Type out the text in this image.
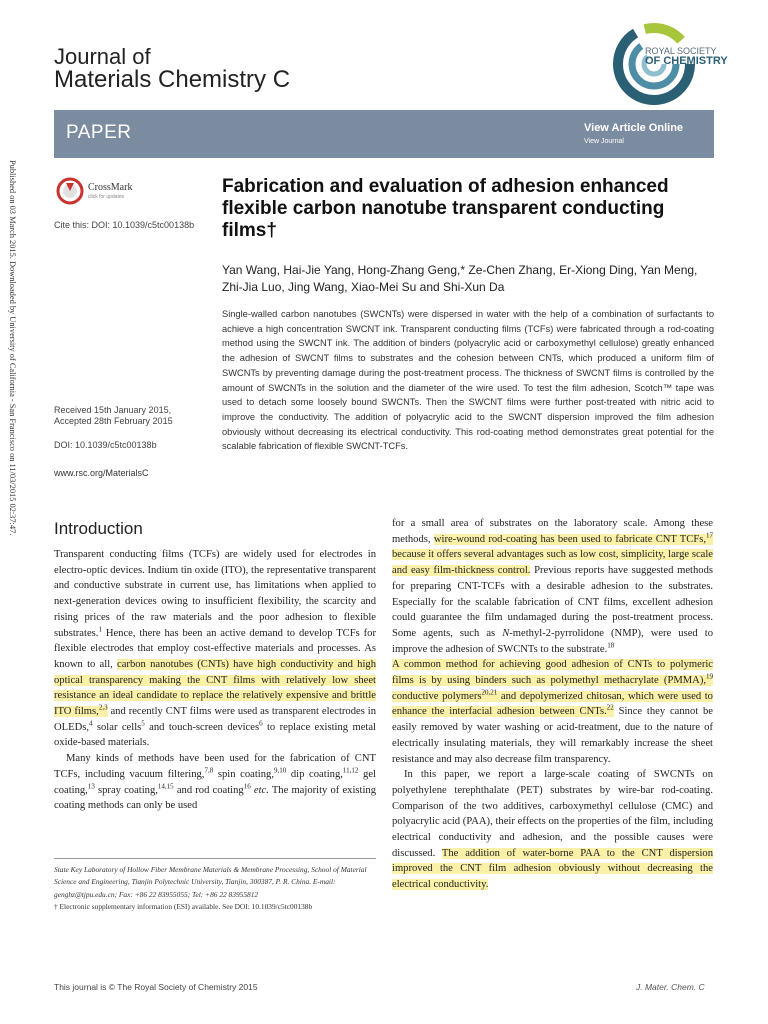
Journal of
Materials Chemistry C
ROYAL SOCIETY
OF CHEMISTRY
PAPER	View Article Online
View Journal
Published on 03 March 2015. Downloaded by University of California - San Francisco on 11/03/2015 02:37:47.	CrossMark
click for updates
Cite this: DOI: 10.1039/c5tc00138b
Fabrication and evaluation of adhesion enhanced flexible carbon nanotube transparent conducting films†
Yan Wang, Hai-Jie Yang, Hong-Zhang Geng,* Ze-Chen Zhang, Er-Xiong Ding, Yan Meng, Zhi-Jia Luo, Jing Wang, Xiao-Mei Su and Shi-Xun Da
Single-walled carbon nanotubes (SWCNTs) were dispersed in water with the help of a combination of surfactants to achieve a high concentration SWCNT ink. Transparent conducting films (TCFs) were fabricated through a rod-coating method using the SWCNT ink. The addition of binders (polyacrylic acid or carboxymethyl cellulose) greatly enhanced the adhesion of SWCNT films to substrates and the cohesion between CNTs, which produced a uniform film of SWCNTs by preventing damage during the post-treatment process. The thickness of SWCNT films is controlled by the amount of SWCNTs in the solution and the diameter of the wire used. To test the film adhesion, Scotch™ tape was used to detach some loosely bound SWCNTs. Then the SWCNT films were further post-treated with nitric acid to improve the conductivity. The addition of polyacrylic acid to the SWCNT dispersion improved the film adhesion obviously without decreasing its electrical conductivity. This rod-coating method demonstrates great potential for the scalable fabrication of flexible SWCNT-TCFs.
Received 15th January 2015,
Accepted 28th February 2015
DOI: 10.1039/c5tc00138b
www.rsc.org/MaterialsC
Introduction

Transparent conducting films (TCFs) are widely used for electrodes in electro-optic devices. Indium tin oxide (ITO), the representative transparent and conductive substrate in current use, has limitations when applied to next-generation devices owing to insufficient flexibility, the scarcity and rising prices of the raw materials and the poor adhesion to flexible substrates.$^1$ Hence, there has been an active demand to develop TCFs for flexible electrodes that employ cost-effective materials and processes. As known to all, carbon nanotubes (CNTs) have high conductivity and high optical transparency making the CNT films with relatively low sheet resistance an ideal candidate to replace the relatively expensive and brittle ITO films,$^{2,3}$ and recently CNT films were used as transparent electrodes in OLEDs,$^4$ solar cells$^5$ and touch-screen devices$^6$ to replace existing metal oxide-based materials.

Many kinds of methods have been used for the fabrication of CNT TCFs, including vacuum filtering,$^{7,8}$ spin coating,$^{9,10}$ dip coating,$^{11,12}$ gel coating,$^{13}$ spray coating,$^{14,15}$ and rod coating$^{16}$ etc. The majority of existing coating methods can only be used

for a small area of substrates on the laboratory scale. Among these methods, wire-wound rod-coating has been used to fabricate CNT TCFs,$^{17}$ because it offers several advantages such as low cost, simplicity, large scale and easy film-thickness control. Previous reports have suggested methods for preparing CNT-TCFs with a desirable adhesion to the substrates. Especially for the scalable fabrication of CNT films, excellent adhesion could guarantee the film undamaged during the post-treatment process. Some agents, such as N-methyl-2-pyrrolidone (NMP), were used to improve the adhesion of SWCNTs to the substrate.$^{18}$
A common method for achieving good adhesion of CNTs to polymeric films is by using binders such as polymethyl methacrylate (PMMA),$^{19}$ conductive polymers$^{20,21}$ and depolymerized chitosan, which were used to enhance the interfacial adhesion between CNTs.$^{22}$ Since they cannot be easily removed by water washing or acid-treatment, due to the nature of electrically insulating materials, they will remarkably increase the sheet resistance and may also decrease film transparency.

In this paper, we report a large-scale coating of SWCNTs on polyethylene terephthalate (PET) substrates by wire-bar rod-coating. Comparison of the two additives, carboxymethyl cellulose (CMC) and polyacrylic acid (PAA), their effects on the properties of the film, including electrical conductivity and adhesion, and the possible causes were discussed. The addition of water-borne PAA to the CNT dispersion improved the CNT film adhesion obviously without decreasing the electrical conductivity.

State Key Laboratory of Hollow Fiber Membrane Materials & Membrane Processing, School of Material Science and Engineering, Tianjin Polytechnic University, Tianjin, 300387, P. R. China. E-mail: genghz@tjpu.edu.cn; Fax: +86 22 83955055; Tel: +86 22 83955812
† Electronic supplementary information (ESI) available. See DOI: 10.1039/c5tc00138b
This journal is © The Royal Society of Chemistry 2015	J. Mater. Chem. C
